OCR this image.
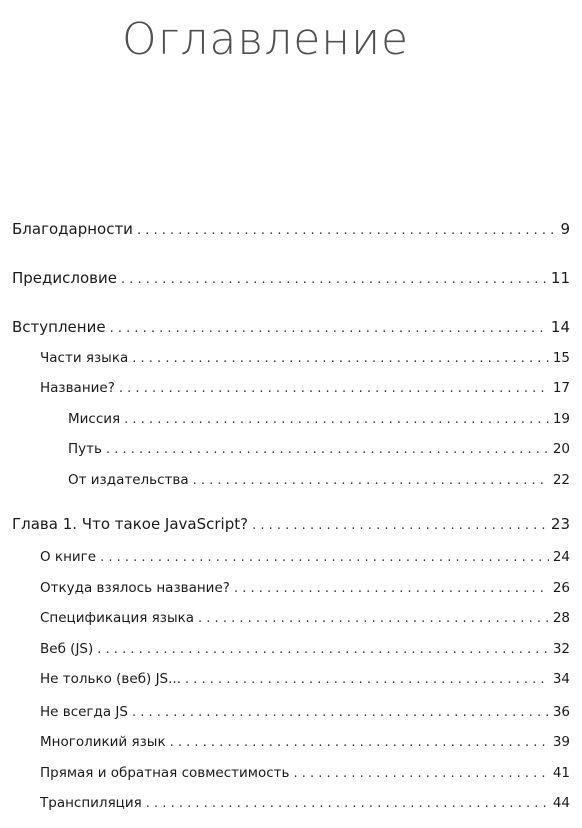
Оглавление
Благодарности . . .	9
Предисловие . . .	11
Вступление . . .	14
Части языка . . .	15
Название? . . .	17
Миссия . . .	19
Путь . . .	20
От издательства . . .	22
Глава 1. Что такое JavaScript? . . .	23
О книге . . .	24
Откуда взялось название? . . .	26
Спецификация языка . . .	28
Веб (JS) . . .	32
Не только (веб) JS... . . .	34
Не всегда JS . . .	36
Многоликий язык . . .	39
Прямая и обратная совместимость . . .	41
Транспиляция . . .	44
